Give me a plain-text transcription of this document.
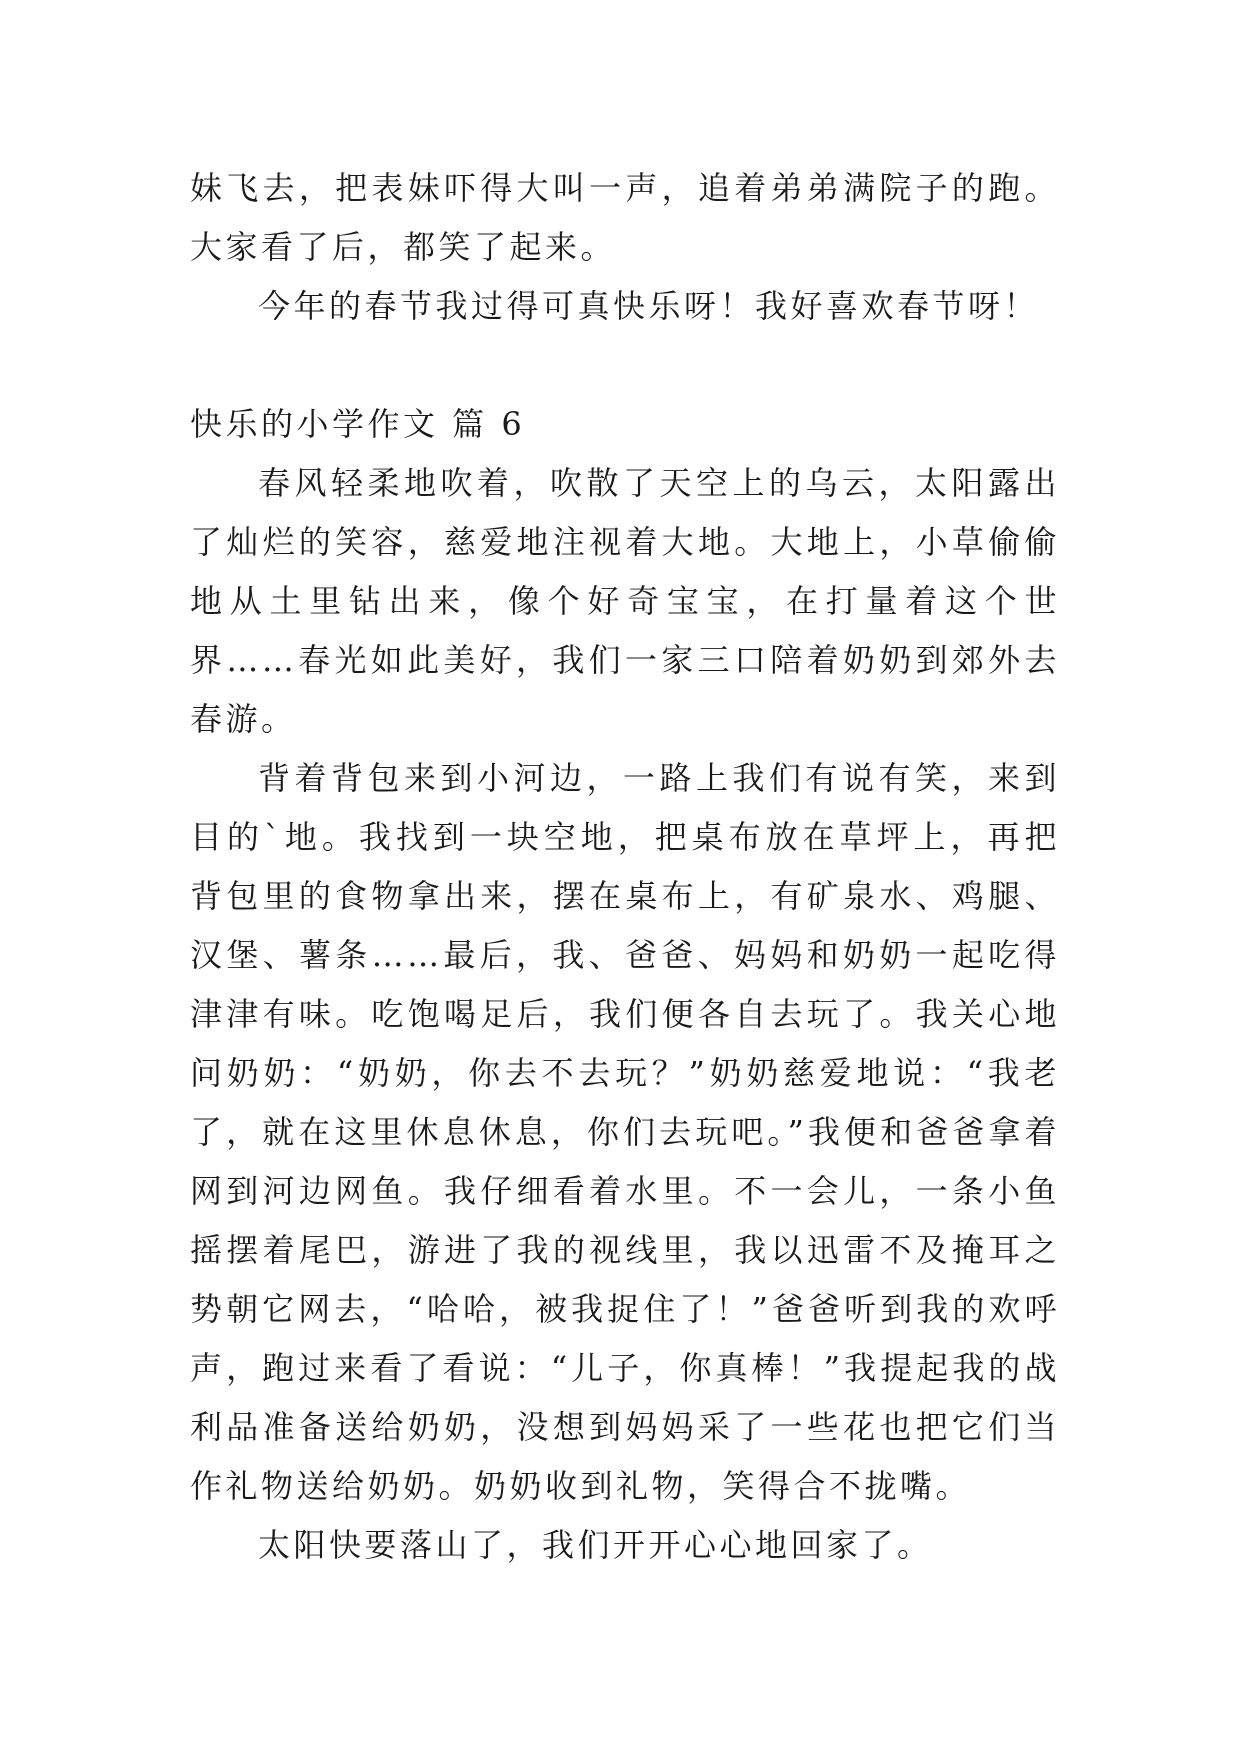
妹飞去，把表妹吓得大叫一声，追着弟弟满院子的跑。大家看了后，都笑了起来。

今年的春节我过得可真快乐呀！我好喜欢春节呀！

快乐的小学作文 篇 6

春风轻柔地吹着，吹散了天空上的乌云，太阳露出了灿烂的笑容，慈爱地注视着大地。大地上，小草偷偷地从土里钻出来，像个好奇宝宝，在打量着这个世界……春光如此美好，我们一家三口陪着奶奶到郊外去春游。

背着背包来到小河边，一路上我们有说有笑，来到目的`地。我找到一块空地，把桌布放在草坪上，再把背包里的食物拿出来，摆在桌布上，有矿泉水、鸡腿、汉堡、薯条……最后，我、爸爸、妈妈和奶奶一起吃得津津有味。吃饱喝足后，我们便各自去玩了。我关心地问奶奶：“奶奶，你去不去玩？”奶奶慈爱地说：“我老了，就在这里休息休息，你们去玩吧。”我便和爸爸拿着网到河边网鱼。我仔细看着水里。不一会儿，一条小鱼摇摆着尾巴，游进了我的视线里，我以迅雷不及掩耳之势朝它网去，“哈哈，被我捉住了！”爸爸听到我的欢呼声，跑过来看了看说：“儿子，你真棒！”我提起我的战利品准备送给奶奶，没想到妈妈采了一些花也把它们当作礼物送给奶奶。奶奶收到礼物，笑得合不拢嘴。

太阳快要落山了，我们开开心心地回家了。
